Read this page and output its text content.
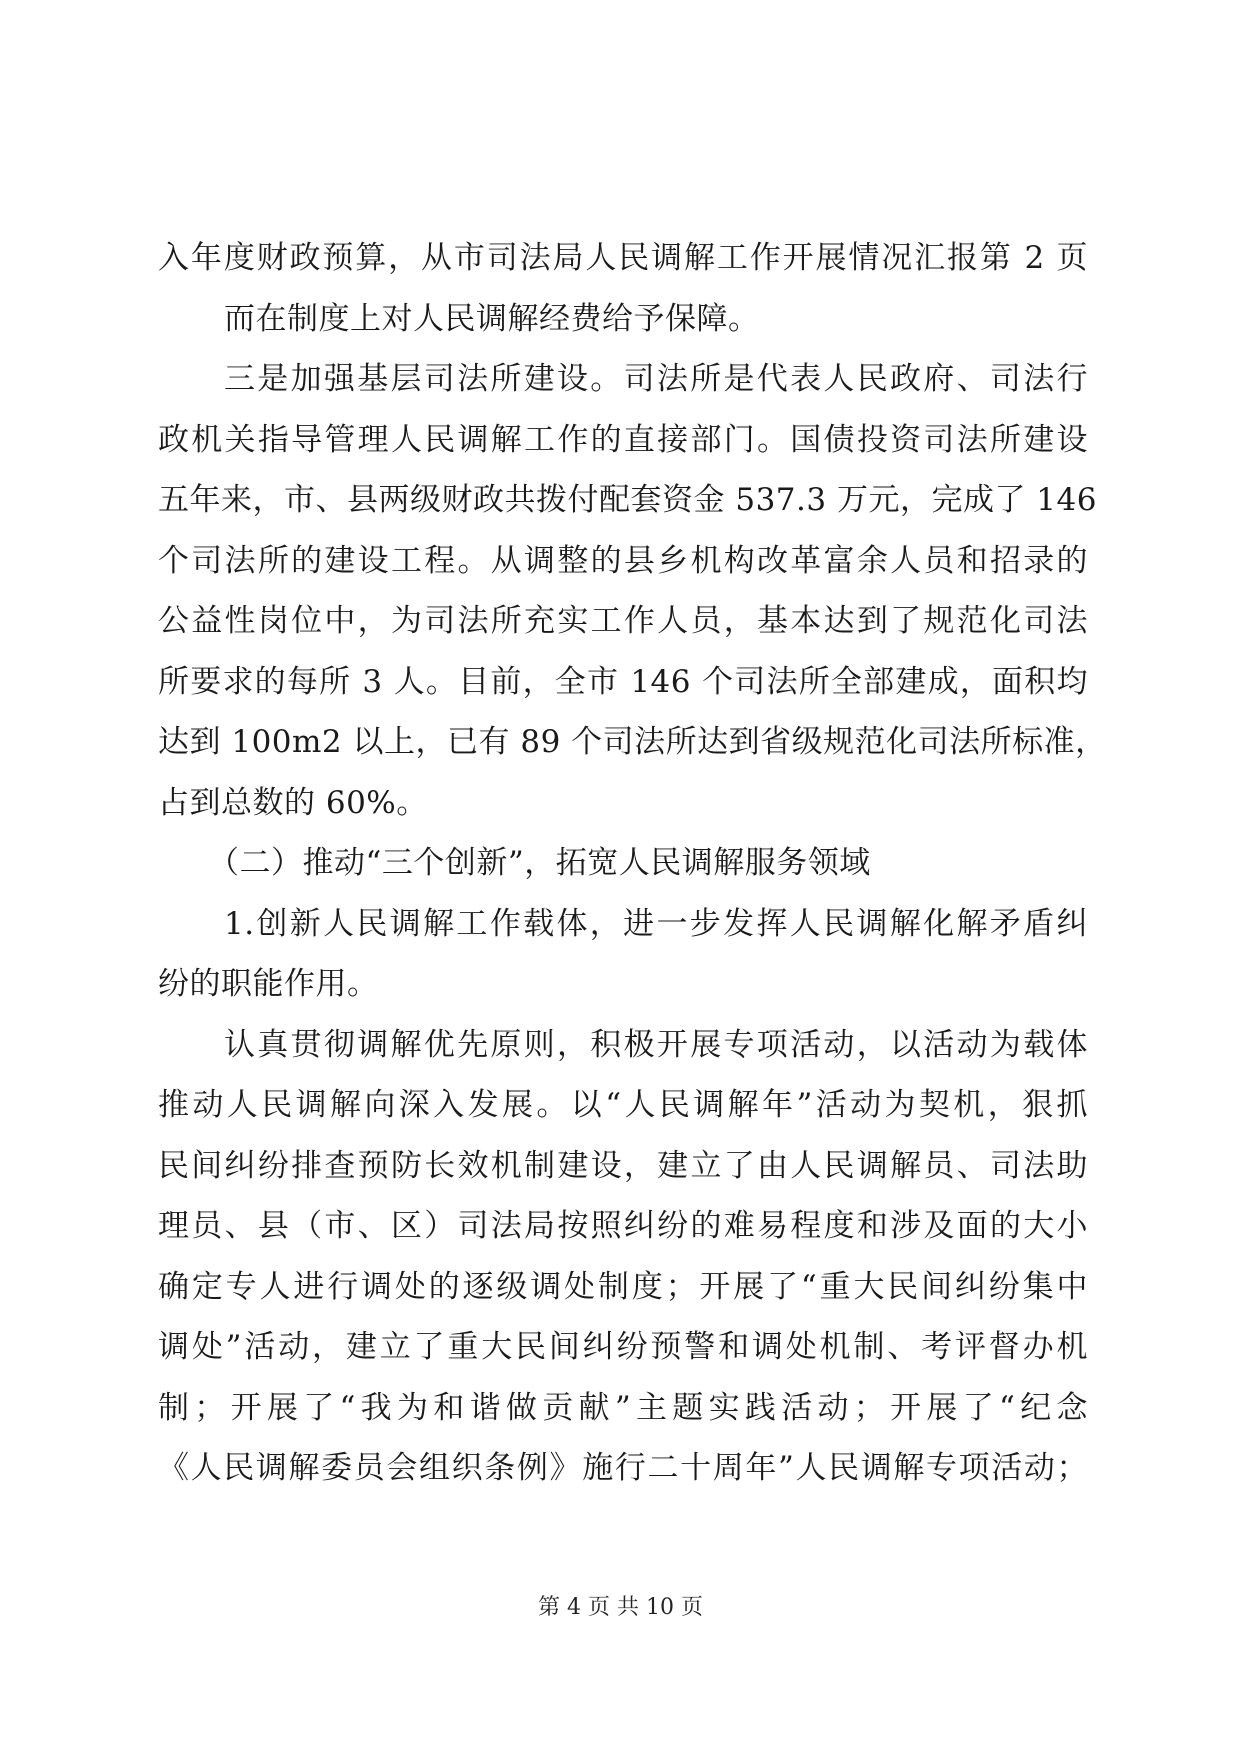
入年度财政预算，从市司法局人民调解工作开展情况汇报第 2 页
而在制度上对人民调解经费给予保障。
三是加强基层司法所建设。司法所是代表人民政府、司法行
政机关指导管理人民调解工作的直接部门。国债投资司法所建设
五年来，市、县两级财政共拨付配套资金 537.3 万元，完成了 146
个司法所的建设工程。从调整的县乡机构改革富余人员和招录的
公益性岗位中，为司法所充实工作人员，基本达到了规范化司法
所要求的每所 3 人。目前，全市 146 个司法所全部建成，面积均
达到 100m2 以上，已有 89 个司法所达到省级规范化司法所标准，
占到总数的 60%。
（二）推动“三个创新”，拓宽人民调解服务领域
1.创新人民调解工作载体，进一步发挥人民调解化解矛盾纠
纷的职能作用。
认真贯彻调解优先原则，积极开展专项活动，以活动为载体
推动人民调解向深入发展。以“人民调解年”活动为契机，狠抓
民间纠纷排查预防长效机制建设，建立了由人民调解员、司法助
理员、县（市、区）司法局按照纠纷的难易程度和涉及面的大小
确定专人进行调处的逐级调处制度；开展了“重大民间纠纷集中
调处”活动，建立了重大民间纠纷预警和调处机制、考评督办机
制；开展了“我为和谐做贡献”主题实践活动；开展了“纪念
《人民调解委员会组织条例》施行二十周年”人民调解专项活动；
第 4 页 共 10 页
